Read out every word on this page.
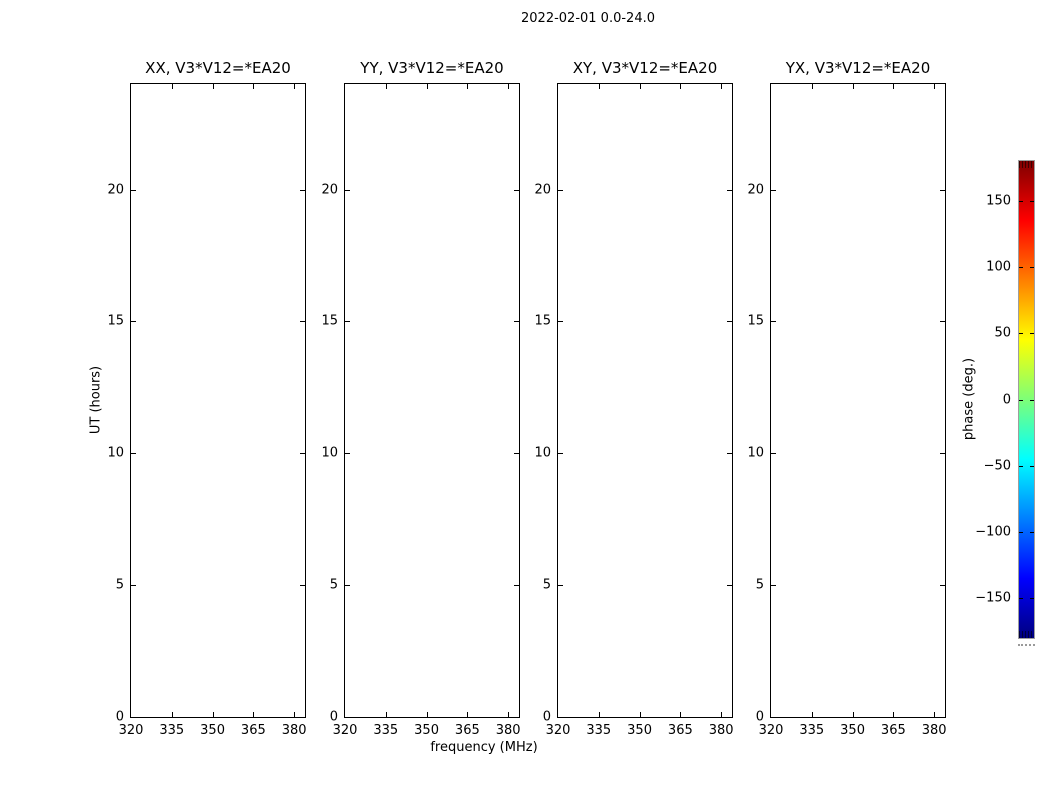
2022-02-01 0.0-24.0
UT (hours)
XX, V3*V12=*EA20
320 335 350 365 380
0
5
10
15
20
YY, V3*V12=*EA20
320 335 350 365 380
0
5
10
15
20
XY, V3*V12=*EA20
320 335 350 365 380
0
5
10
15
20
YX, V3*V12=*EA20
320 335 350 365 380
0
5
10
15
20
frequency (MHz)
150
100
50
0
−50
−100
−150
phase (deg.)
